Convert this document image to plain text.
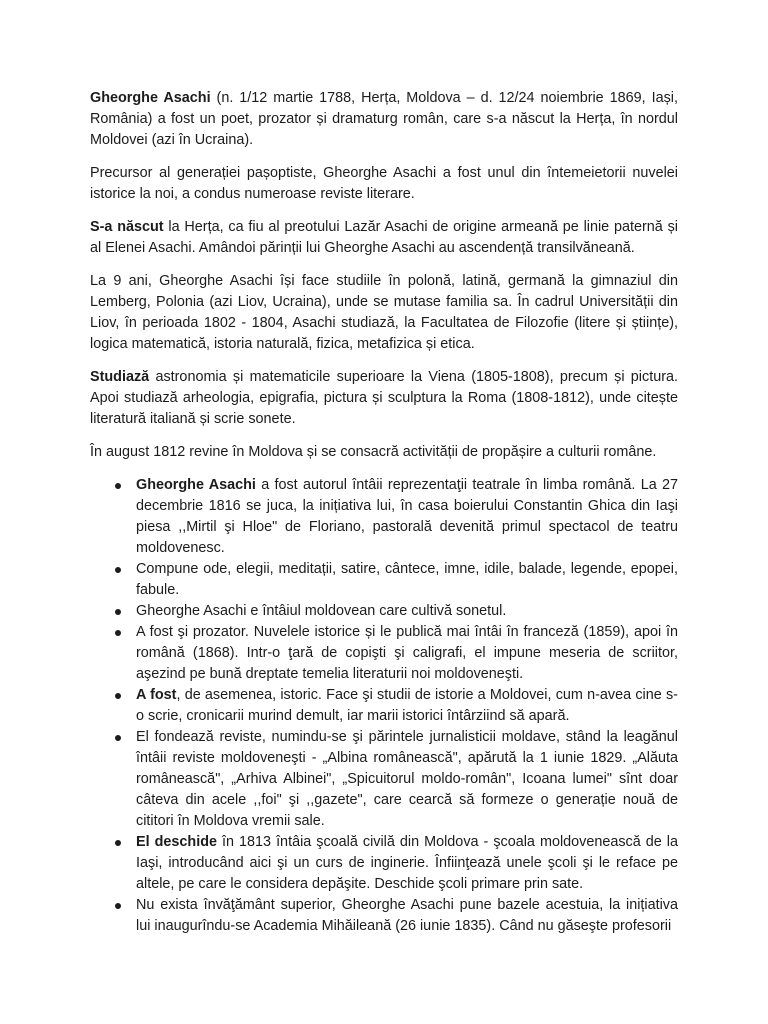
Gheorghe Asachi (n. 1/12 martie 1788, Herța, Moldova – d. 12/24 noiembrie 1869, Iași, România) a fost un poet, prozator și dramaturg român, care s-a născut la Herța, în nordul Moldovei (azi în Ucraina).

Precursor al generației pașoptiste, Gheorghe Asachi a fost unul din întemeietorii nuvelei istorice la noi, a condus numeroase reviste literare.

S-a născut la Herța, ca fiu al preotului Lazăr Asachi de origine armeană pe linie paternă și al Elenei Asachi. Amândoi părinții lui Gheorghe Asachi au ascendență transilvăneană.

La 9 ani, Gheorghe Asachi își face studiile în polonă, latină, germană la gimnaziul din Lemberg, Polonia (azi Liov, Ucraina), unde se mutase familia sa. În cadrul Universității din Liov, în perioada 1802 - 1804, Asachi studiază, la Facultatea de Filozofie (litere și științe), logica matematică, istoria naturală, fizica, metafizica și etica.

Studiază astronomia și matematicile superioare la Viena (1805-1808), precum și pictura. Apoi studiază arheologia, epigrafia, pictura și sculptura la Roma (1808-1812), unde citește literatură italiană și scrie sonete.

În august 1812 revine în Moldova și se consacră activității de propășire a culturii române.

Gheorghe Asachi a fost autorul întâii reprezentaţii teatrale în limba română. La 27 decembrie 1816 se juca, la inițiativa lui, în casa boierului Constantin Ghica din Iaşi piesa ,,Mirtil şi Hloe" de Floriano, pastorală devenită primul spectacol de teatru moldovenesc.
Compune ode, elegii, meditații, satire, cântece, imne, idile, balade, legende, epopei, fabule.
Gheorghe Asachi e întâiul moldovean care cultivă sonetul.
A fost şi prozator. Nuvelele istorice și le publică mai întâi în franceză (1859), apoi în română (1868). Intr-o ţară de copişti şi caligrafi, el impune meseria de scriitor, aşezind pe bună dreptate temelia literaturii noi moldoveneşti.
A fost, de asemenea, istoric. Face şi studii de istorie a Moldovei, cum n-avea cine s-o scrie, cronicarii murind demult, iar marii istorici întârziind să apară.
El fondează reviste, numindu-se şi părintele jurnalisticii moldave, stând la leagănul întâii reviste moldoveneşti - „Albina românească", apărută la 1 iunie 1829. „Alăuta românească", „Arhiva Albinei", „Spicuitorul moldo-român", Icoana lumei" sînt doar câteva din acele ,,foi" şi ,,gazete", care cearcă să formeze o generație nouă de cititori în Moldova vremii sale.
El deschide în 1813 întâia şcoală civilă din Moldova - şcoala moldovenească de la Iaşi, introducând aici şi un curs de inginerie. Înfiinţează unele şcoli şi le reface pe altele, pe care le considera depăşite. Deschide şcoli primare prin sate.
Nu exista învăţământ superior, Gheorghe Asachi pune bazele acestuia, la inițiativa lui inaugurîndu-se Academia Mihăileană (26 iunie 1835). Când nu găseşte profesorii
